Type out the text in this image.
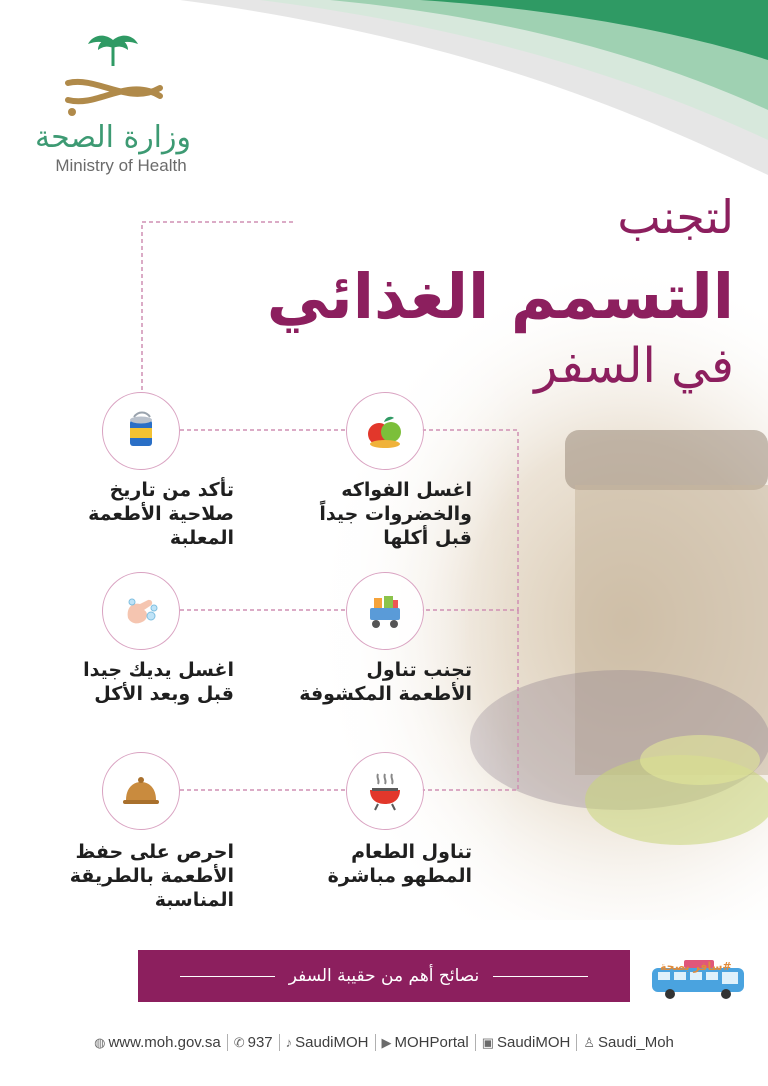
وزارة الصحة
Ministry of Health
لتجنب
التسمم الغذائي
في السفر
اغسل الفواكه
والخضروات جيداً
قبل أكلها
تأكد من تاريخ
صلاحية الأطعمة
المعلبة
تجنب تناول
الأطعمة المكشوفة
اغسل يديك جيدا
قبل وبعد الأكل
تناول الطعام
المطهو مباشرة
احرص على حفظ
الأطعمة بالطريقة
المناسبة
نصائح أهم من حقيبة السفر	#سافر بصحة
◍ www.moh.gov.sa ✆ 937 ♪ SaudiMOH ▶ MOHPortal ▣ SaudiMOH ♙ Saudi_Moh
